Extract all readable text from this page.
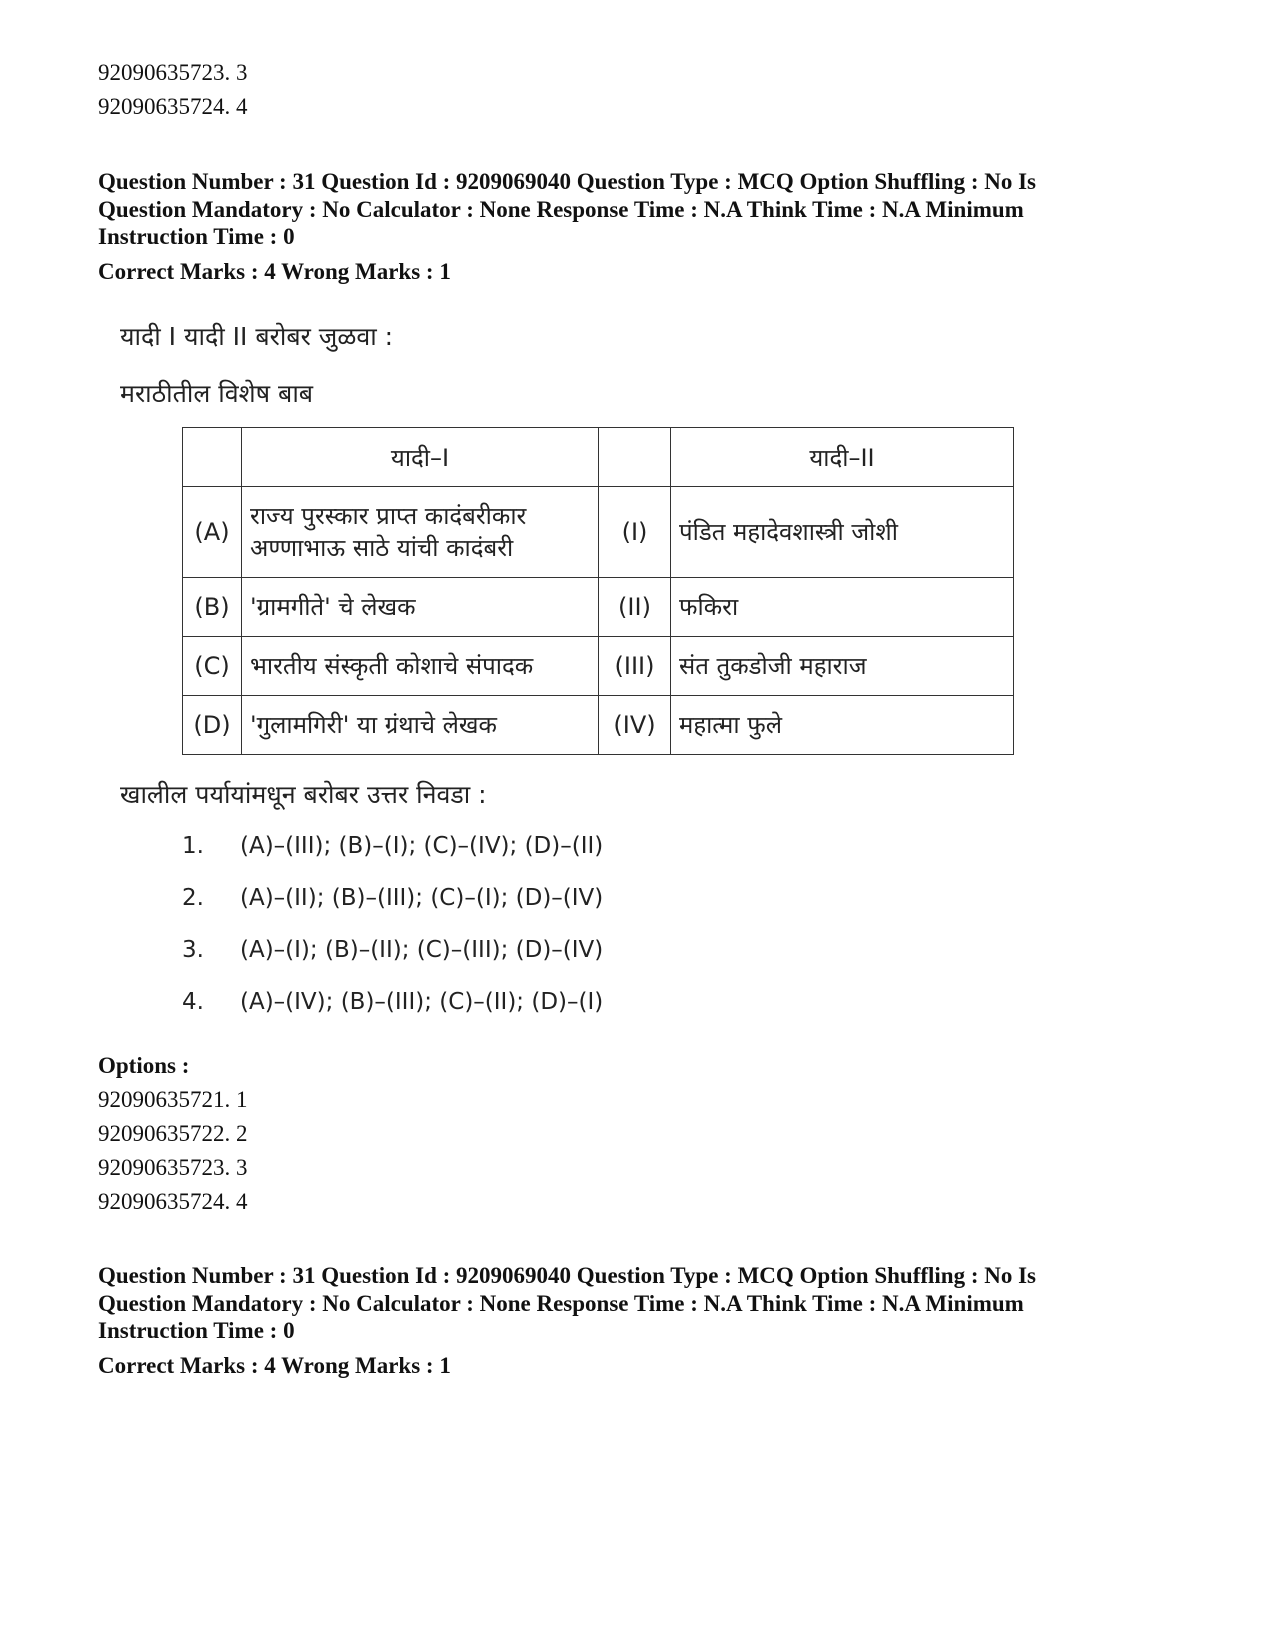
92090635723. 3
92090635724. 4
Question Number : 31 Question Id : 9209069040 Question Type : MCQ Option Shuffling : No Is
Question Mandatory : No Calculator : None Response Time : N.A Think Time : N.A Minimum
Instruction Time : 0
Correct Marks : 4 Wrong Marks : 1
यादी I यादी II बरोबर जुळवा :
मराठीतील विशेष बाब
	यादी–I		यादी–II
(A)	राज्य पुरस्कार प्राप्त कादंबरीकार अण्णाभाऊ साठे यांची कादंबरी	(I)	पंडित महादेवशास्त्री जोशी
(B)	'ग्रामगीते' चे लेखक	(II)	फकिरा
(C)	भारतीय संस्कृती कोशाचे संपादक	(III)	संत तुकडोजी महाराज
(D)	'गुलामगिरी' या ग्रंथाचे लेखक	(IV)	महात्मा फुले
खालील पर्यायांमधून बरोबर उत्तर निवडा :
1. (A)–(III); (B)–(I); (C)–(IV); (D)–(II)
2. (A)–(II); (B)–(III); (C)–(I); (D)–(IV)
3. (A)–(I); (B)–(II); (C)–(III); (D)–(IV)
4. (A)–(IV); (B)–(III); (C)–(II); (D)–(I)
Options :
92090635721. 1
92090635722. 2
92090635723. 3
92090635724. 4
Question Number : 31 Question Id : 9209069040 Question Type : MCQ Option Shuffling : No Is
Question Mandatory : No Calculator : None Response Time : N.A Think Time : N.A Minimum
Instruction Time : 0
Correct Marks : 4 Wrong Marks : 1
